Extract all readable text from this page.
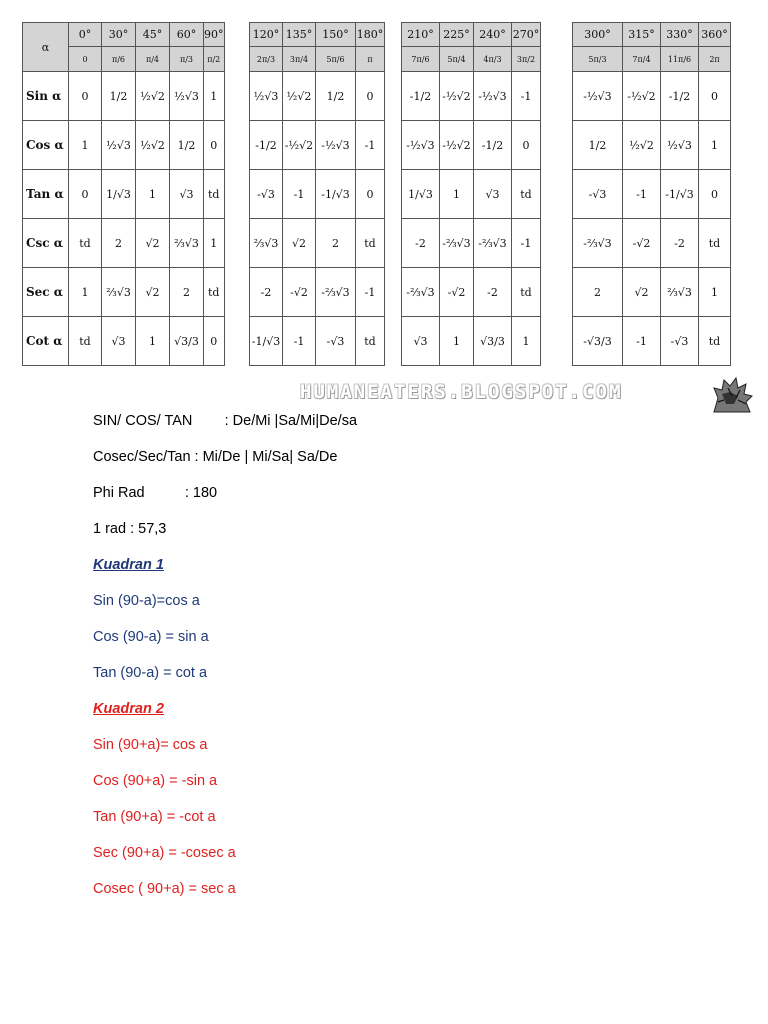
α	0°	30°	45°	60°	90°
	0	π/6	π/4	π/3	π/2
Sin α	0	1/2	½√2	½√3	1
Cos α	1	½√3	½√2	1/2	0
Tan α	0	1/√3	1	√3	td
Csc α	td	2	√2	⅔√3	1
Sec α	1	⅔√3	√2	2	td
Cot α	td	√3	1	√3/3	0
120°	135°	150°	180°
2π/3	3π/4	5π/6	π
½√3	½√2	1/2	0
-1/2	-½√2	-½√3	-1
-√3	-1	-1/√3	0
⅔√3	√2	2	td
-2	-√2	-⅔√3	-1
-1/√3	-1	-√3	td
210°	225°	240°	270°
7π/6	5π/4	4π/3	3π/2
-1/2	-½√2	-½√3	-1
-½√3	-½√2	-1/2	0
1/√3	1	√3	td
-2	-⅔√3	-⅔√3	-1
-⅔√3	-√2	-2	td
√3	1	√3/3	1
300°	315°	330°	360°
5π/3	7π/4	11π/6	2π
-½√3	-½√2	-1/2	0
1/2	½√2	½√3	1
-√3	-1	-1/√3	0
-⅔√3	-√2	-2	td
2	√2	⅔√3	1
-√3/3	-1	-√3	td
HUMANEATERS.BLOGSPOT.COM
SIN/ COS/ TAN        : De/Mi |Sa/Mi|De/sa
Cosec/Sec/Tan : Mi/De | Mi/Sa| Sa/De
Phi Rad          : 180
1 rad : 57,3
Kuadran 1
Sin (90-a)=cos a
Cos (90-a) = sin a
Tan (90-a) = cot a
Kuadran 2
Sin (90+a)= cos a
Cos (90+a) = -sin a
Tan (90+a) = -cot a
Sec (90+a) = -cosec a
Cosec ( 90+a) = sec a
